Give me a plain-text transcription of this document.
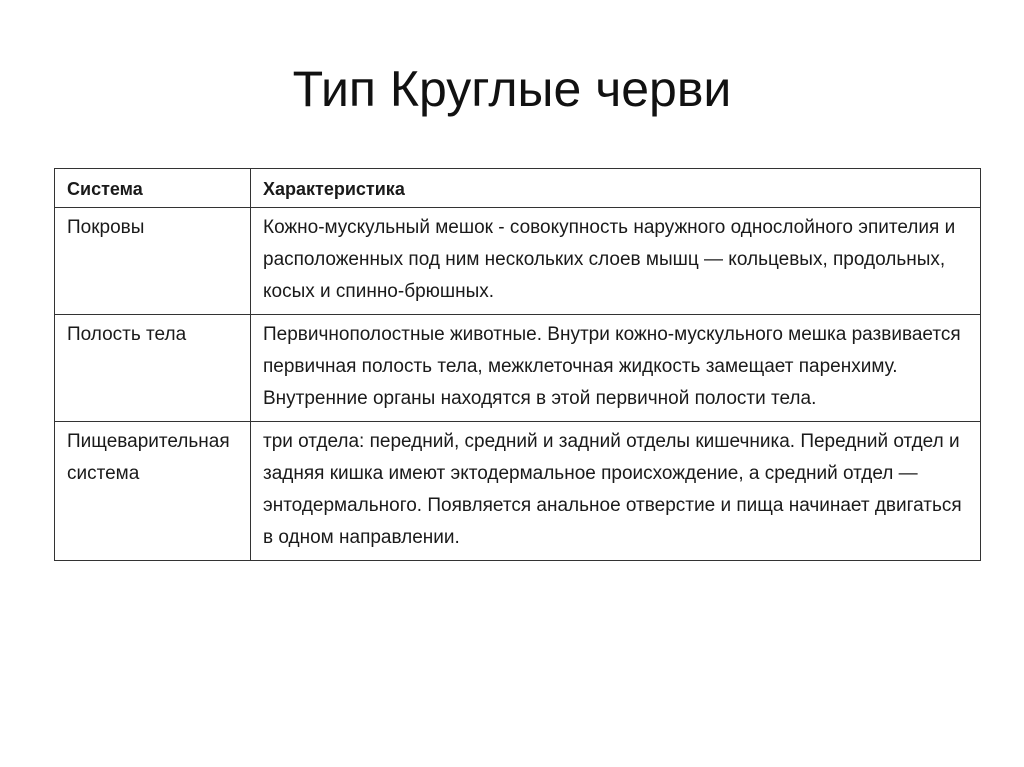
Тип Круглые черви
Система	Характеристика
Покровы	Кожно-мускульный мешок - совокупность наружного однослойного эпителия и расположенных под ним нескольких слоев мышц — кольцевых, продольных, косых и спинно-брюшных.
Полость тела	Первичнополостные животные. Внутри кожно-мускульного мешка развивается первичная полость тела, межклеточная жидкость замещает паренхиму. Внутренние органы находятся в этой первичной полости тела.
Пищеварительная система	три отдела: передний, средний и задний отделы кишечника. Передний отдел и задняя кишка имеют эктодермальное происхождение, а средний отдел — энтодермального. Появляется анальное отверстие и пища начинает двигаться в одном направлении.
